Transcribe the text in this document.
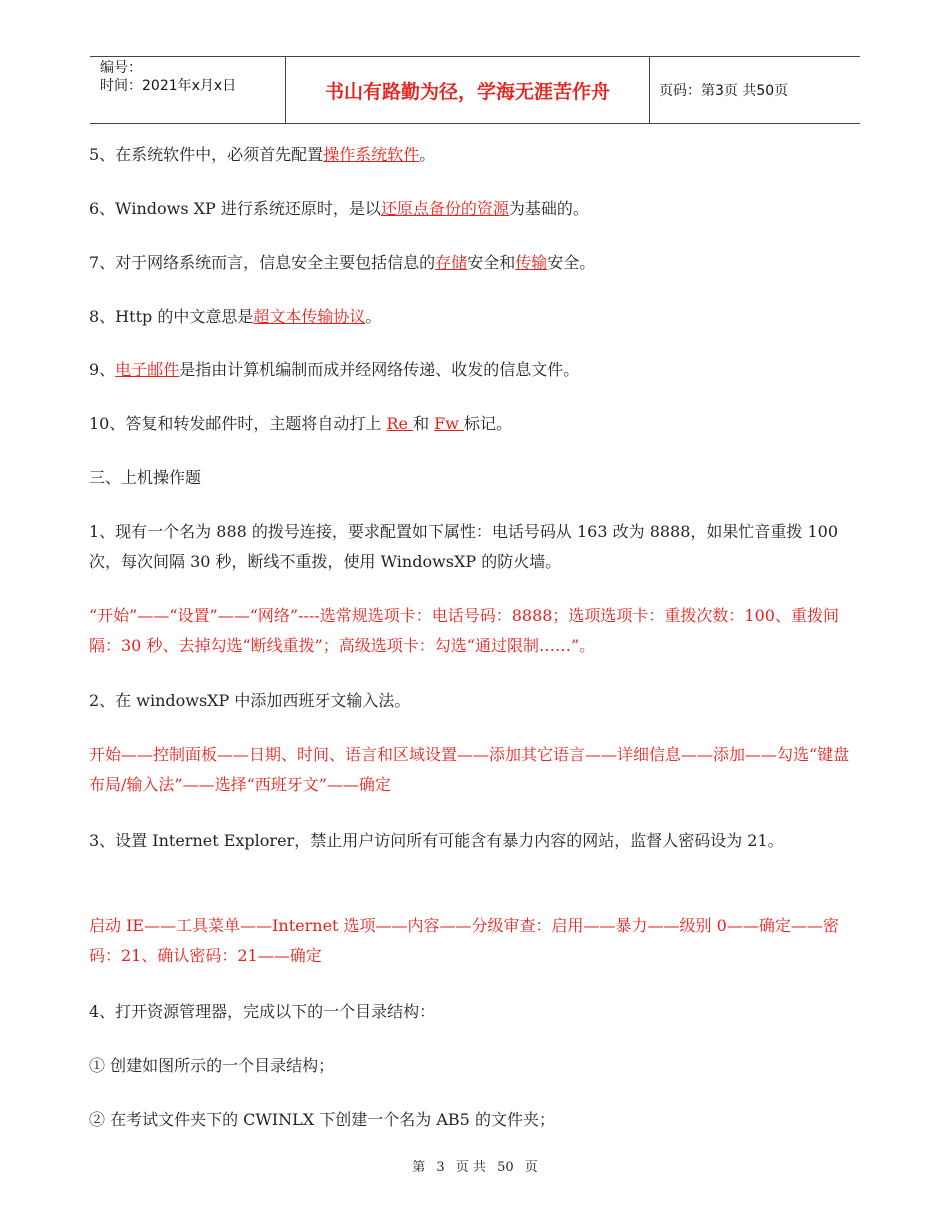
编号：
时间：2021年x月x日	书山有路勤为径，学海无涯苦作舟	页码：第3页 共50页

5、在系统软件中，必须首先配置操作系统软件。

6、Windows XP 进行系统还原时，是以还原点备份的资源为基础的。

7、对于网络系统而言，信息安全主要包括信息的存储安全和传输安全。

8、Http 的中文意思是超文本传输协议。

9、电子邮件是指由计算机编制而成并经网络传递、收发的信息文件。

10、答复和转发邮件时，主题将自动打上 Re 和 Fw 标记。

三、上机操作题

1、现有一个名为 888 的拨号连接，要求配置如下属性：电话号码从 163 改为 8888，如果忙音重拨 100 次，每次间隔 30 秒，断线不重拨，使用 WindowsXP 的防火墙。

“开始”——“设置”——“网络”----选常规选项卡：电话号码：8888；选项选项卡：重拨次数：100、重拨间隔：30 秒、去掉勾选“断线重拨”；高级选项卡：勾选“通过限制……”。

2、在 windowsXP 中添加西班牙文输入法。

开始——控制面板——日期、时间、语言和区域设置——添加其它语言——详细信息——添加——勾选“键盘布局/输入法”——选择“西班牙文”——确定

3、设置 Internet Explorer，禁止用户访问所有可能含有暴力内容的网站，监督人密码设为 21。

启动 IE——工具菜单——Internet 选项——内容——分级审查：启用——暴力——级别 0——确定——密码：21、确认密码：21——确定

4、打开资源管理器，完成以下的一个目录结构：

① 创建如图所示的一个目录结构；

② 在考试文件夹下的 CWINLX 下创建一个名为 AB5 的文件夹；

第 3 页 共 50 页
